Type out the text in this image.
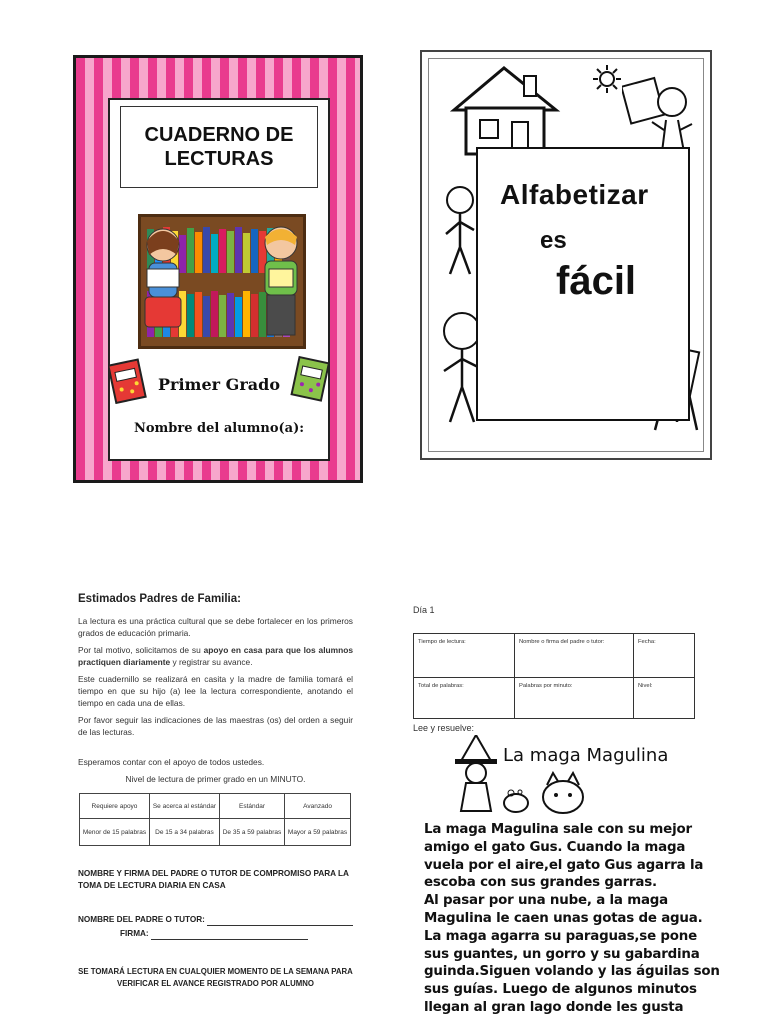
CUADERNO DE LECTURAS
Primer Grado
Nombre del alumno(a):
Alfabetizar
es
fácil
Estimados Padres de Familia:

La lectura es una práctica cultural que se debe fortalecer en los primeros grados de educación primaria.

Por tal motivo, solicitamos de su apoyo en casa para que los alumnos practiquen diariamente y registrar su avance.

Este cuadernillo se realizará en casita y la madre de familia tomará el tiempo en que su hijo (a) lee la lectura correspondiente, anotando el tiempo en cada una de ellas.

Por favor seguir las indicaciones de las maestras (os) del orden a seguir de las lecturas.

Esperamos contar con el apoyo de todos ustedes.

Nivel de lectura de primer grado en un MINUTO.

Requiere apoyo	Se acerca al estándar	Estándar	Avanzado
Menor de 15 palabras	De 15 a 34 palabras	De 35 a 59 palabras	Mayor a 59 palabras
NOMBRE Y FIRMA DEL PADRE O TUTOR DE COMPROMISO PARA LA TOMA DE LECTURA DIARIA EN CASA
NOMBRE DEL PADRE O TUTOR:
FIRMA:
SE TOMARÁ LECTURA EN CUALQUIER MOMENTO DE LA SEMANA PARA VERIFICAR EL AVANCE REGISTRADO POR ALUMNO
Día 1
Tiempo de lectura:	Nombre o firma del padre o tutor:	Fecha:
Total de palabras:	Palabras por minuto:	Nivel:
Lee y resuelve:
La maga Magulina
La maga Magulina sale con su mejor
amigo el gato Gus. Cuando la maga
vuela por el aire,el gato Gus agarra la
escoba con sus grandes garras.
Al pasar por una nube, a la maga
Magulina le caen unas gotas de agua.
La maga agarra su paraguas,se pone
sus guantes, un gorro y su gabardina
guinda.Siguen volando y las águilas son
sus guías. Luego de algunos minutos
llegan al gran lago donde les gusta
